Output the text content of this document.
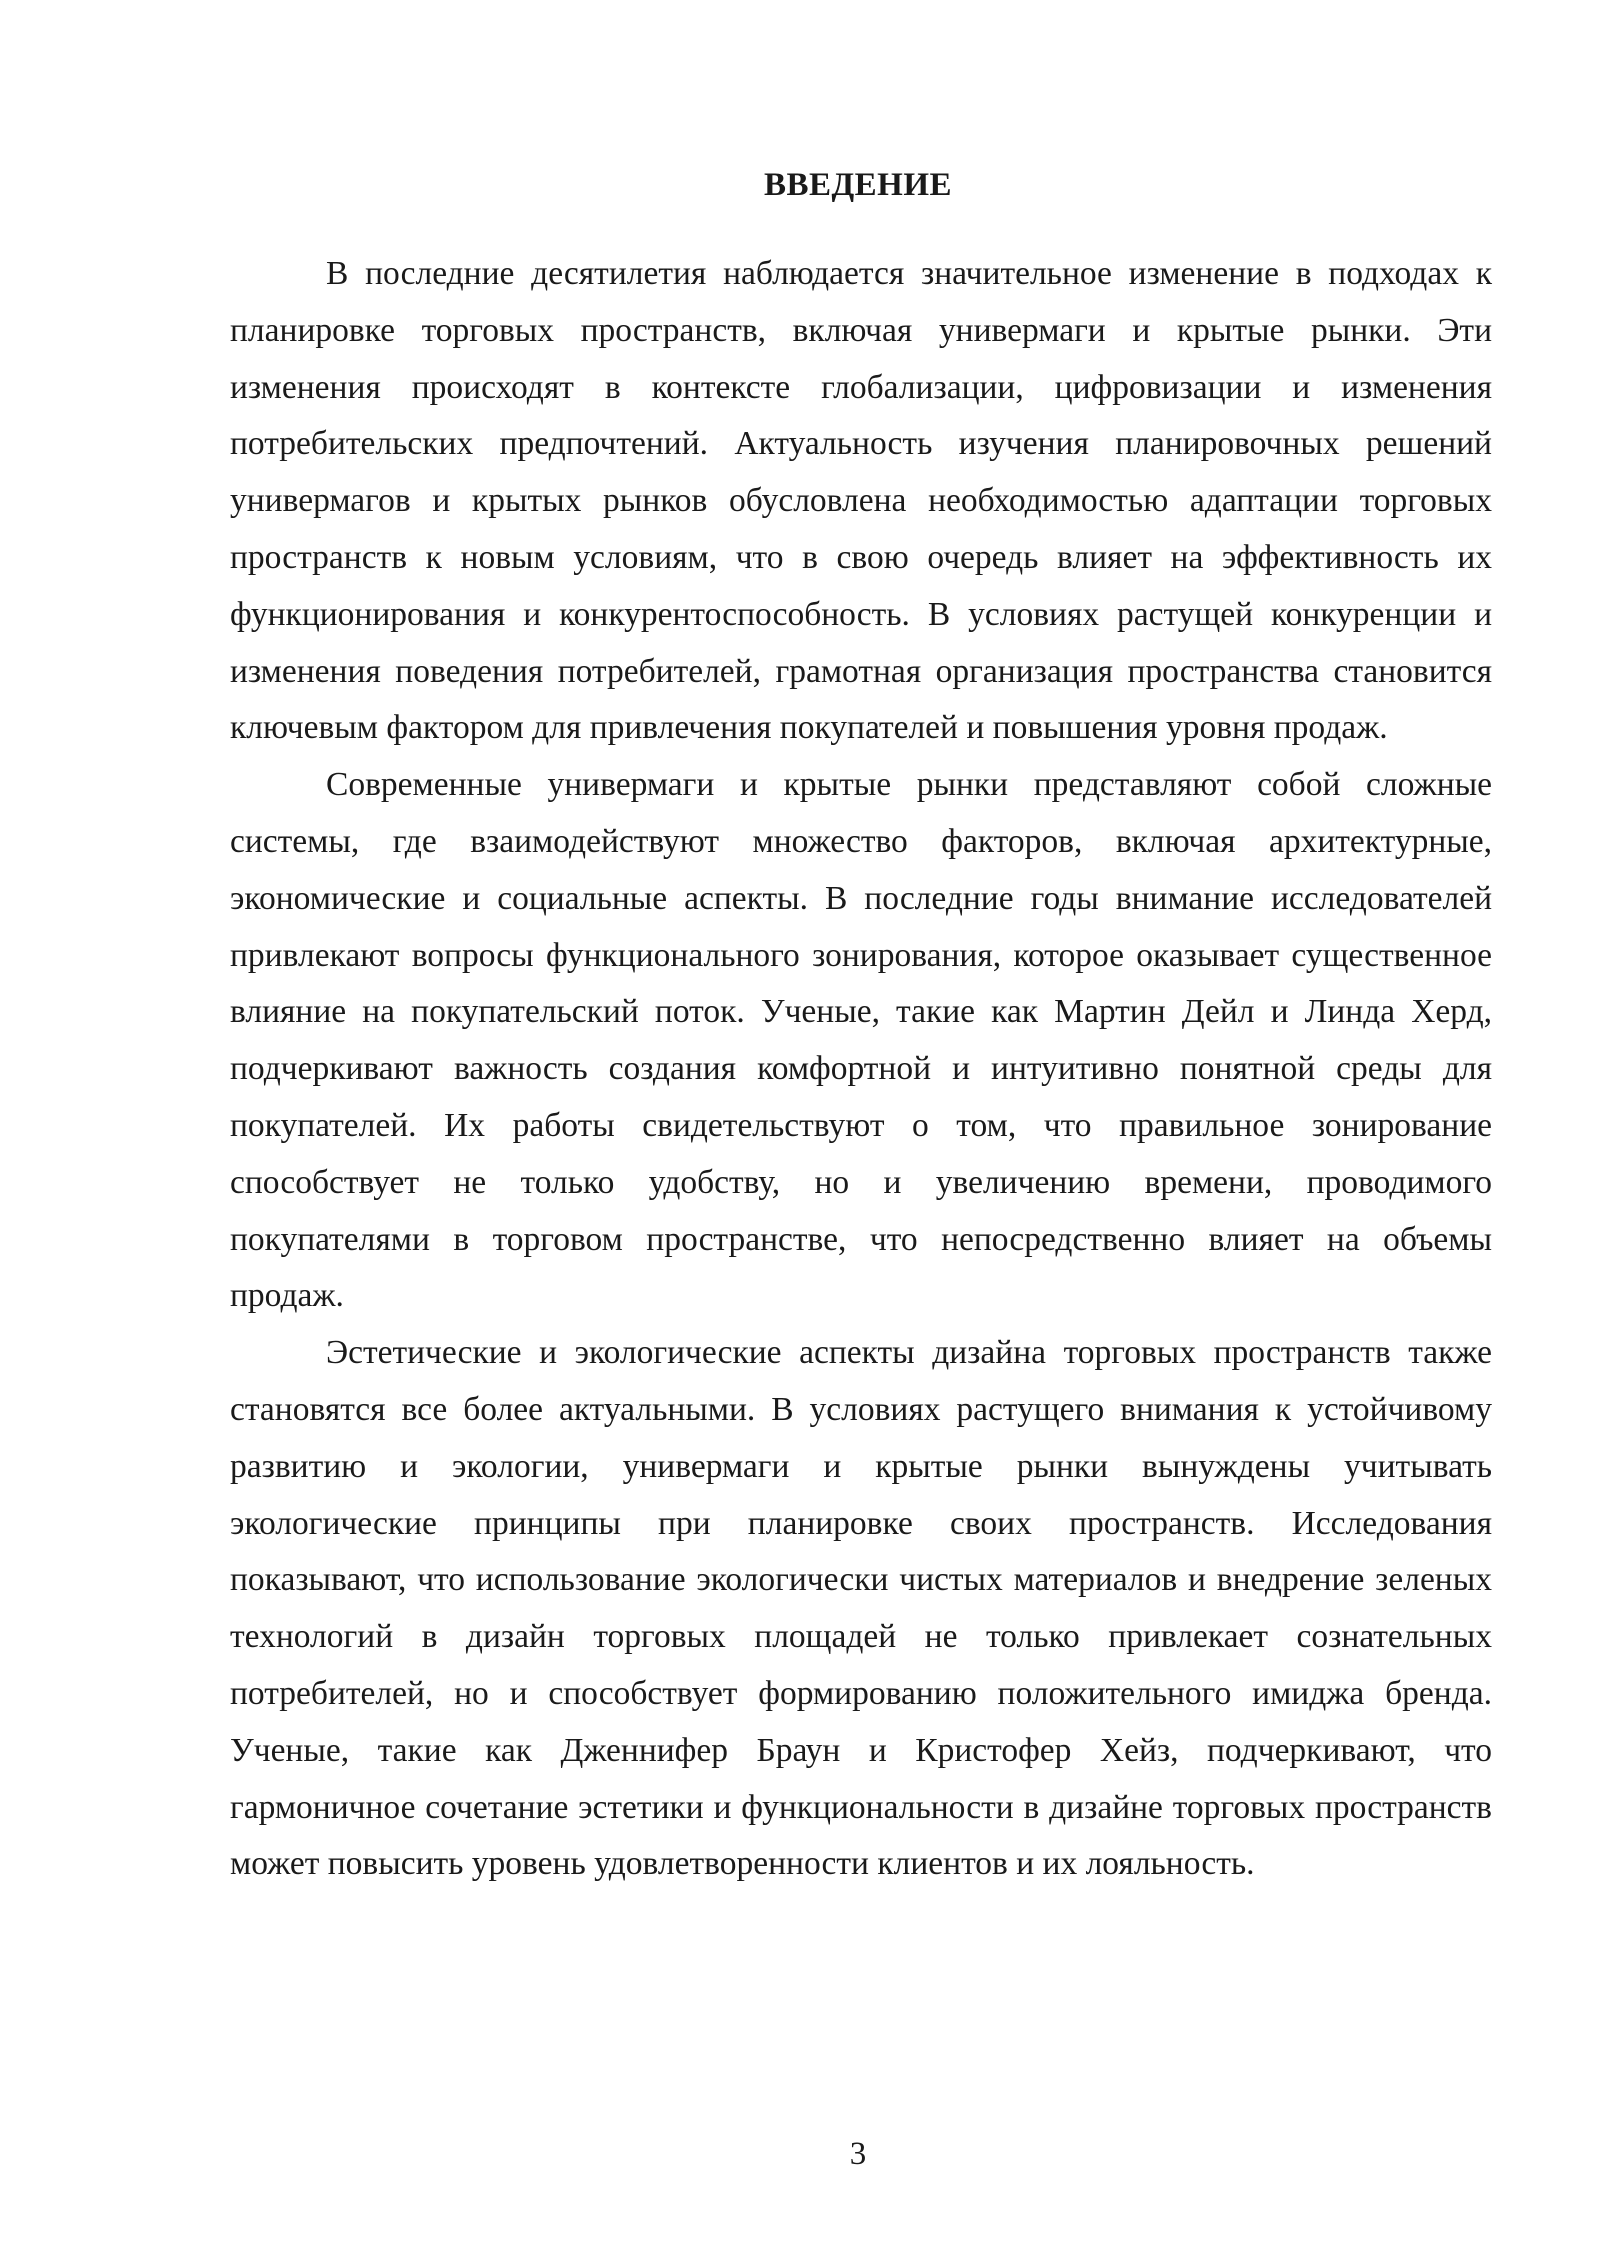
ВВЕДЕНИЕ

В последние десятилетия наблюдается значительное изменение в подходах к планировке торговых пространств, включая универмаги и крытые рынки. Эти изменения происходят в контексте глобализации, цифровизации и изменения потребительских предпочтений. Актуальность изучения планировочных решений универмагов и крытых рынков обусловлена необходимостью адаптации торговых пространств к новым условиям, что в свою очередь влияет на эффективность их функционирования и конкурентоспособность. В условиях растущей конкуренции и изменения поведения потребителей, грамотная организация пространства становится ключевым фактором для привлечения покупателей и повышения уровня продаж.

Современные универмаги и крытые рынки представляют собой сложные системы, где взаимодействуют множество факторов, включая архитектурные, экономические и социальные аспекты. В последние годы внимание исследователей привлекают вопросы функционального зонирования, которое оказывает существенное влияние на покупательский поток. Ученые, такие как Мартин Дейл и Линда Херд, подчеркивают важность создания комфортной и интуитивно понятной среды для покупателей. Их работы свидетельствуют о том, что правильное зонирование способствует не только удобству, но и увеличению времени, проводимого покупателями в торговом пространстве, что непосредственно влияет на объемы продаж.

Эстетические и экологические аспекты дизайна торговых пространств также становятся все более актуальными. В условиях растущего внимания к устойчивому развитию и экологии, универмаги и крытые рынки вынуждены учитывать экологические принципы при планировке своих пространств. Исследования показывают, что использование экологически чистых материалов и внедрение зеленых технологий в дизайн торговых площадей не только привлекает сознательных потребителей, но и способствует формированию положительного имиджа бренда. Ученые, такие как Дженнифер Браун и Кристофер Хейз, подчеркивают, что гармоничное сочетание эстетики и функциональности в дизайне торговых пространств может повысить уровень удовлетворенности клиентов и их лояльность.

3
